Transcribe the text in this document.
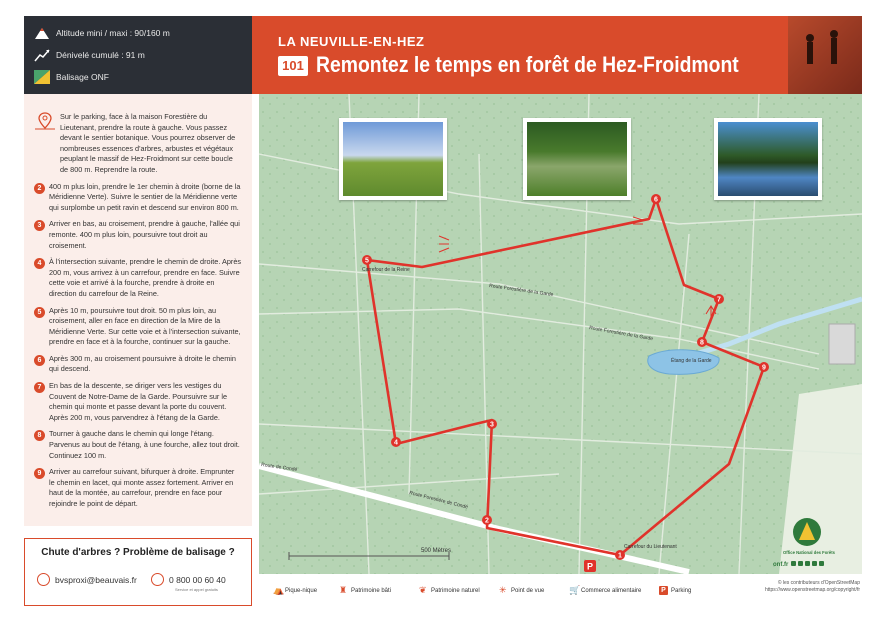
Altitude mini / maxi : 90/160 m
Dénivelé cumulé : 91 m
Balisage ONF
LA NEUVILLE-EN-HEZ
101 Remontez le temps en forêt de Hez-Froidmont
Sur le parking, face à la maison Forestière du Lieutenant, prendre la route à gauche. Vous passez devant le sentier botanique. Vous pourrez observer de nombreuses essences d'arbres, arbustes et végétaux peuplant le massif de Hez-Froidmont sur cette boucle de 800 m. Reprendre la route.
2	400 m plus loin, prendre le 1er chemin à droite (borne de la Méridienne Verte). Suivre le sentier de la Méridienne verte qui surplombe un petit ravin et descend sur environ 800 m.
3	Arriver en bas, au croisement, prendre à gauche, l'allée qui remonte. 400 m plus loin, poursuivre tout droit au croisement.
4	À l'intersection suivante, prendre le chemin de droite. Après 200 m, vous arrivez à un carrefour, prendre en face. Suivre cette voie et arrivé à la fourche, prendre à droite en direction du carrefour de la Reine.
5	Après 10 m, poursuivre tout droit. 50 m plus loin, au croisement, aller en face en direction de la Mire de la Méridienne Verte. Sur cette voie et à l'intersection suivante, prendre en face et à la fourche, continuer sur la gauche.
6	Après 300 m, au croisement poursuivre à droite le chemin qui descend.
7	En bas de la descente, se diriger vers les vestiges du Couvent de Notre-Dame de la Garde. Poursuivre sur le chemin qui monte et passe devant la porte du couvent. Après 200 m, vous parvendrez à l'étang de la Garde.
8	Tourner à gauche dans le chemin qui longe l'étang. Parvenus au bout de l'étang, à une fourche, allez tout droit. Continuez 100 m.
9	Arriver au carrefour suivant, bifurquer à droite. Emprunter le chemin en lacet, qui monte assez fortement. Arriver en haut de la montée, au carrefour, prendre en face pour rejoindre le point de départ.
Chute d'arbres ? Problème de balisage ?
bvsproxi@beauvais.fr	0 800 00 60 40
Service et appel gratuits
1
2
3
4
5
6
7
8
9
Carrefour de la Reine
Route Forestière de la Garde
Route Forestière de la Garde
Route Forestière de Condé
Route de Condé
Étang de la Garde
Carrefour du Lieutenant
500 Mètres
P
Office National des Forêts
onf.fr
⛺ Pique-nique ♜ Patrimoine bâti	❦ Patrimoine naturel ✳ Point de vue	🛒 Commerce alimentaire	P Parking
© les contributeurs d'OpenStreetMap
https://www.openstreetmap.org/copyright/fr
